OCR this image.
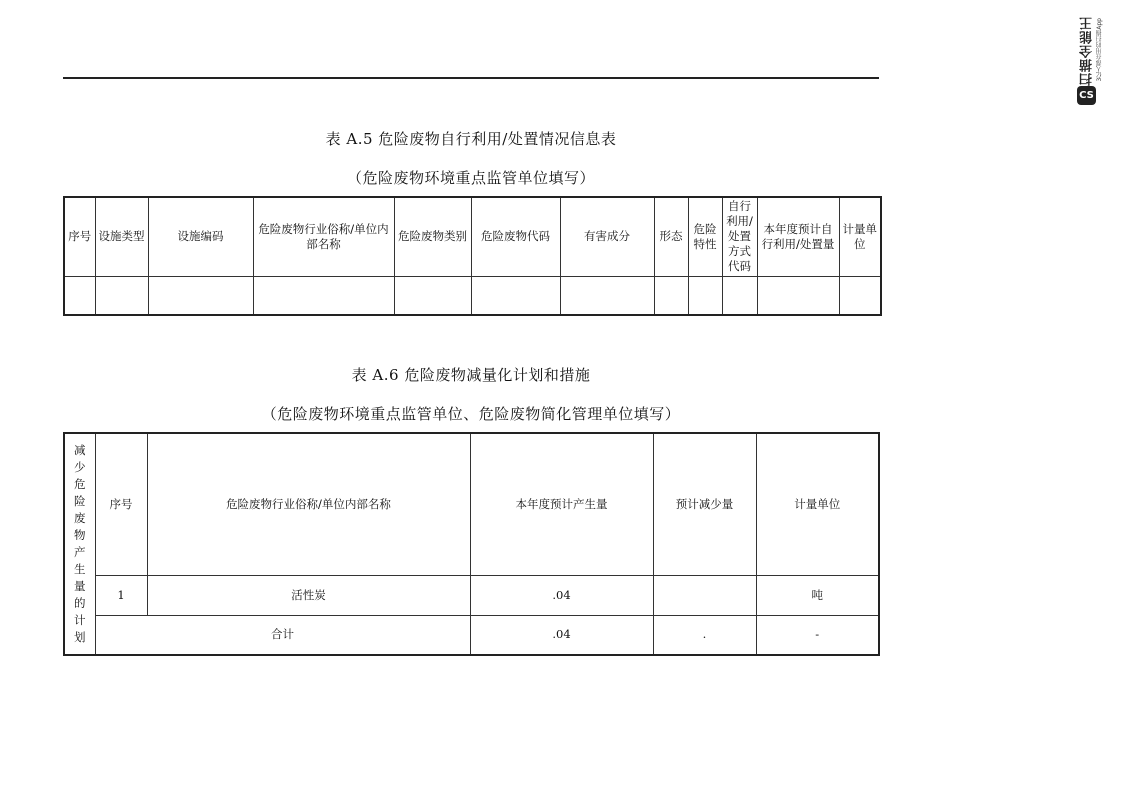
扫描全能王 3亿人都在用的扫描App
CS
表 A.5 危险废物自行利用/处置情况信息表
（危险废物环境重点监管单位填写）
序号	设施类型	设施编码	危险废物行业俗称/单位内部名称	危险废物类别	危险废物代码	有害成分	形态	危险特性	自行利用/处置方式代码	本年度预计自行利用/处置量	计量单位

表 A.6 危险废物减量化计划和措施
（危险废物环境重点监管单位、危险废物简化管理单位填写）
减少危险废物产生量的计划	序号	危险废物行业俗称/单位内部名称	本年度预计产生量	预计减少量	计量单位
	1	活性炭	.04		吨
	合计		.04	.	-
